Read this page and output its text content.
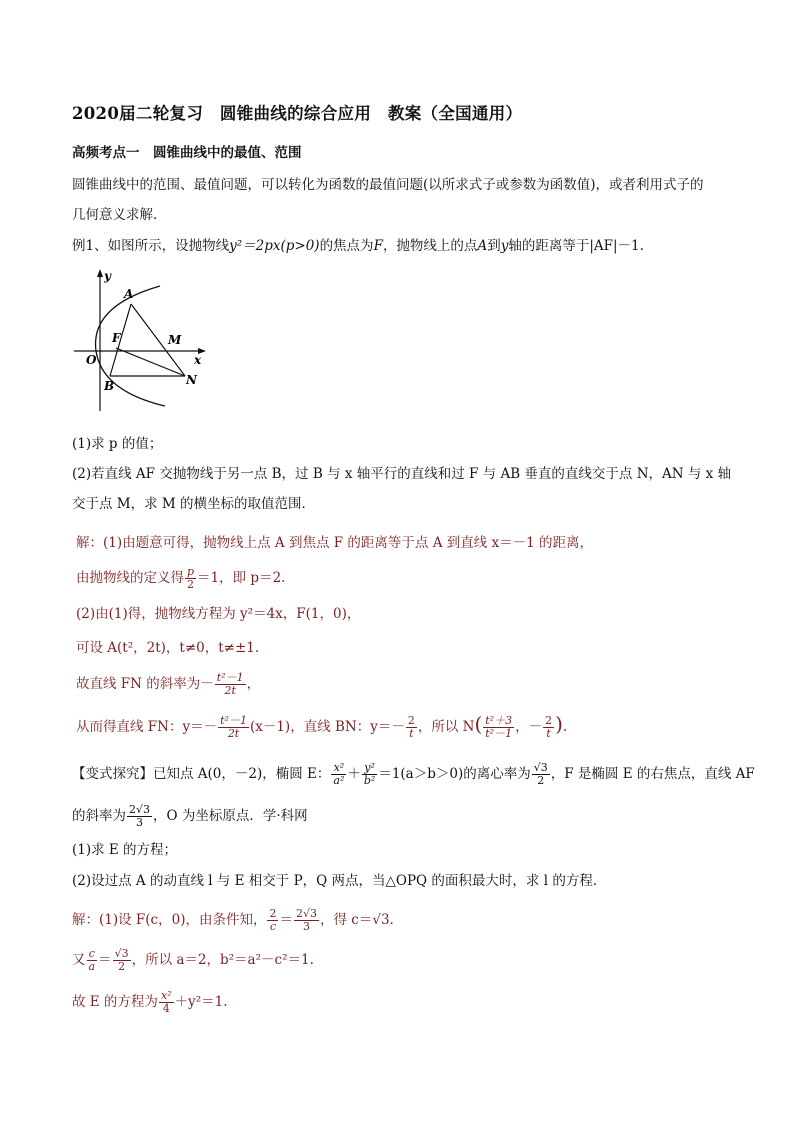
2020届二轮复习　圆锥曲线的综合应用　教案（全国通用）
高频考点一　圆锥曲线中的最值、范围
圆锥曲线中的范围、最值问题，可以转化为函数的最值问题(以所求式子或参数为函数值)，或者利用式子的
几何意义求解．
例1、如图所示，设抛物线y²＝2px(p>0)的焦点为F，抛物线上的点A到y轴的距离等于|AF|－1.
y
x
O
A
F	M
B	N
(1)求 p 的值；
(2)若直线 AF 交抛物线于另一点 B，过 B 与 x 轴平行的直线和过 F 与 AB 垂直的直线交于点 N，AN 与 x 轴
交于点 M，求 M 的横坐标的取值范围．
解：(1)由题意可得，抛物线上点 A 到焦点 F 的距离等于点 A 到直线 x＝－1 的距离，
由抛物线的定义得 $\frac{p}{2} =1$，即 p＝2.
(2)由(1)得，抛物线方程为 y²＝4x，F(1，0)，
可设 A(t²，2t)，t≠0，t≠±1.
故直线 FN 的斜率为－ $\frac{\text{t²－1}}{2t}$ ，
从而得直线 FN：$y=- \frac{\text{t²－1}}{2t} (x-1)$，直线 BN：$y=- \frac{2}{t}$ ，所以 $N( \frac{\text{t²＋3}}{\text{t²－1}}$ ，－ $\frac{2}{t}$ ).
【变式探究】已知点 A(0，－2)，椭圆 E： $\frac{\text{x²}}{\text{a²}} + \frac{\text{y²}}{\text{b²}} =1(a>b>0)$的离心率为 $\frac{√3}{2}$ ，F 是椭圆 E 的右焦点，直线 AF
的斜率为 $\frac{2√3}{3}$ ，O 为坐标原点．学·科网
(1)求 E 的方程；
(2)设过点 A 的动直线 l 与 E 相交于 P，Q 两点，当△OPQ 的面积最大时，求 l 的方程．
解：(1)设 F(c，0)，由条件知， $\frac{2}{c} = \frac{2√3}{3}$ ，得 c＝√3.
又 $\frac{c}{a} = \frac{√3}{2}$ ，所以 a＝2，b²＝a²－c²＝1.
故 E 的方程为 $\frac{\text{x²}}{4} +y^2=1$.
